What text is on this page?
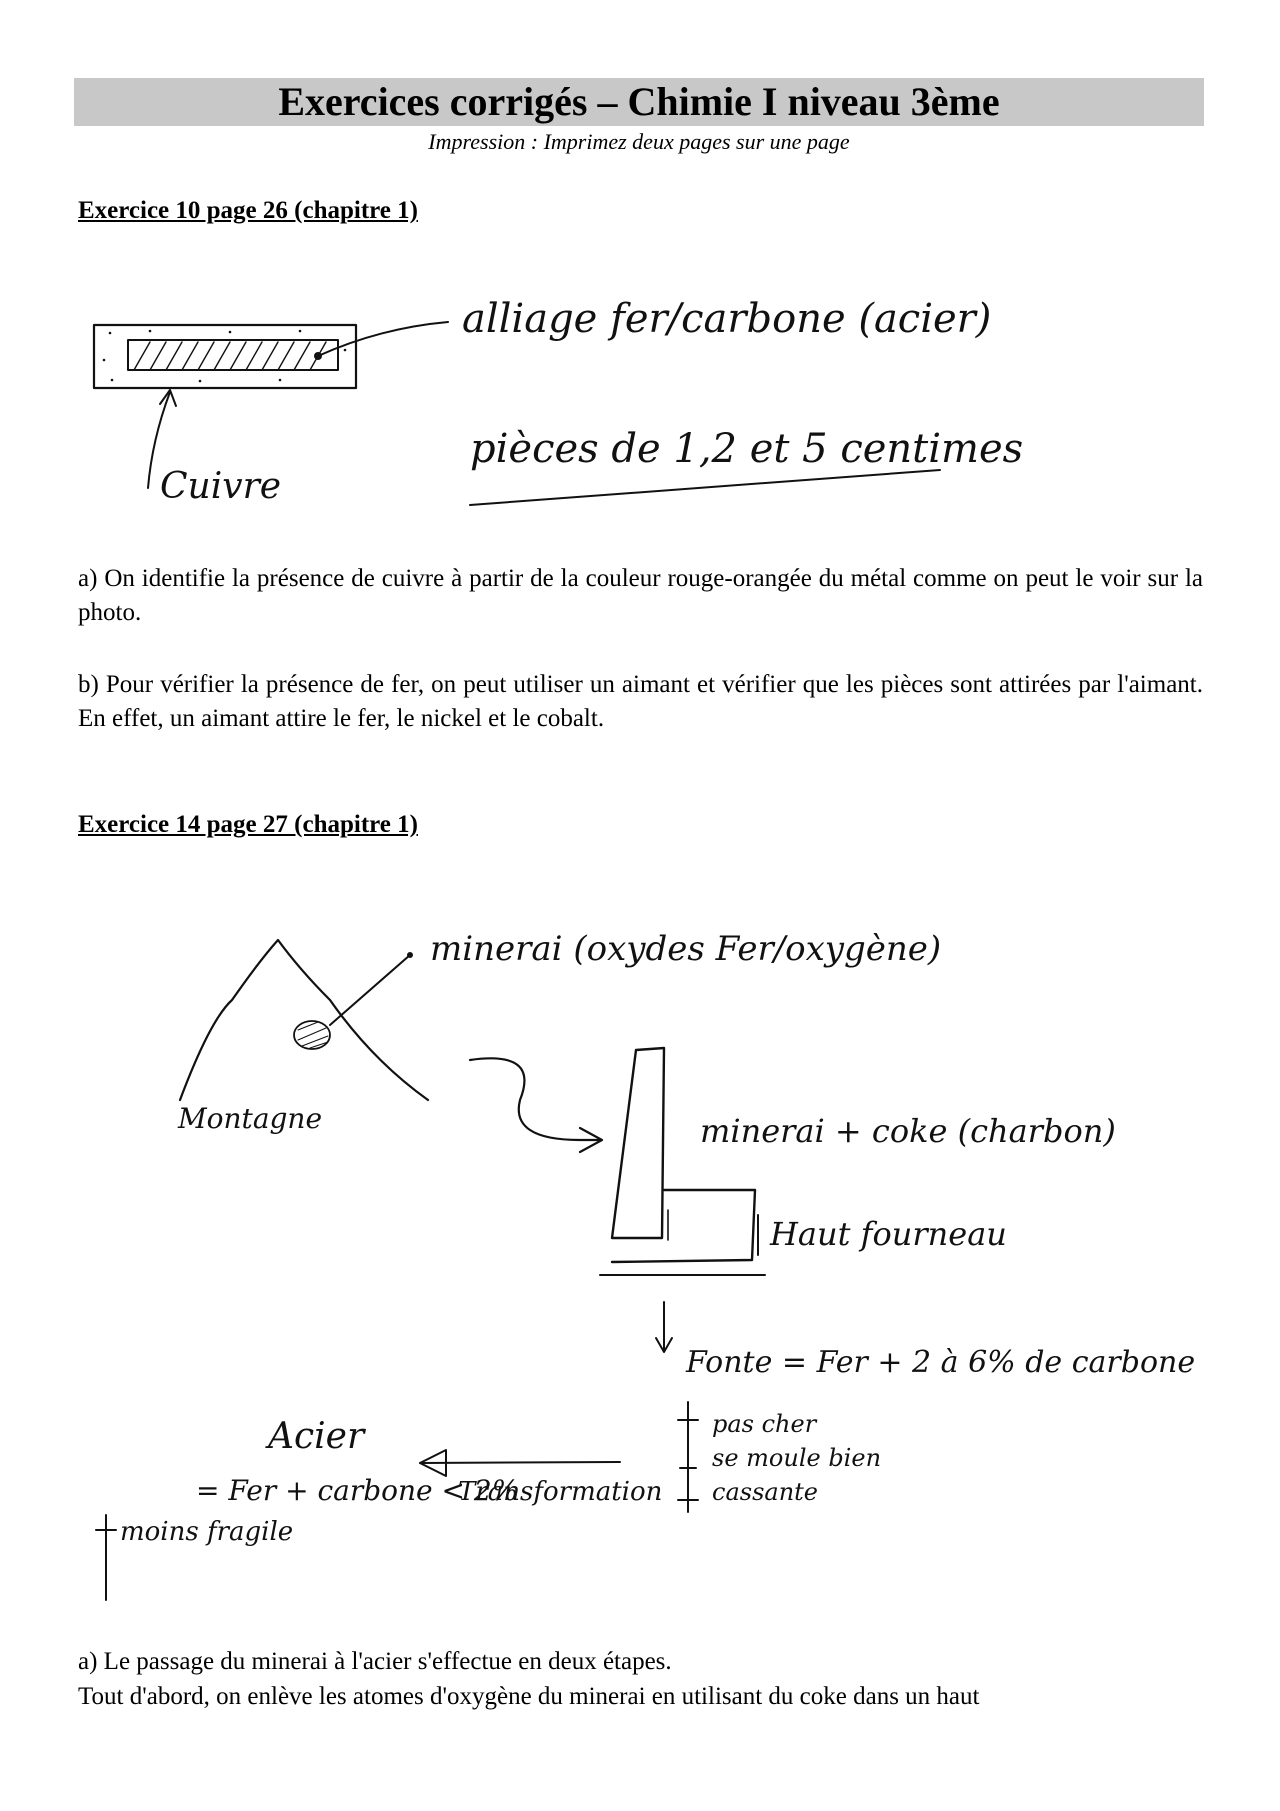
Exercices corrigés – Chimie I niveau 3ème
Impression : Imprimez deux pages sur une page
Exercice 10 page 26 (chapitre 1)
alliage fer/carbone (acier)
pièces de 1,2 et 5 centimes
Cuivre

a) On identifie la présence de cuivre à partir de la couleur rouge-orangée du métal comme on peut le voir sur la photo.

b) Pour vérifier la présence de fer, on peut utiliser un aimant et vérifier que les pièces sont attirées par l'aimant. En effet, un aimant attire le fer, le nickel et le cobalt.

Exercice 14 page 27 (chapitre 1)
minerai (oxydes Fer/oxygène)
Montagne	minerai + coke (charbon)
Haut fourneau
Fonte = Fer + 2 à 6% de carbone
pas cher
se moule bien
cassante
Acier
= Fer + carbone < 2%
Transformation
moins fragile

a) Le passage du minerai à l'acier s'effectue en deux étapes.

Tout d'abord, on enlève les atomes d'oxygène du minerai en utilisant du coke dans un haut
